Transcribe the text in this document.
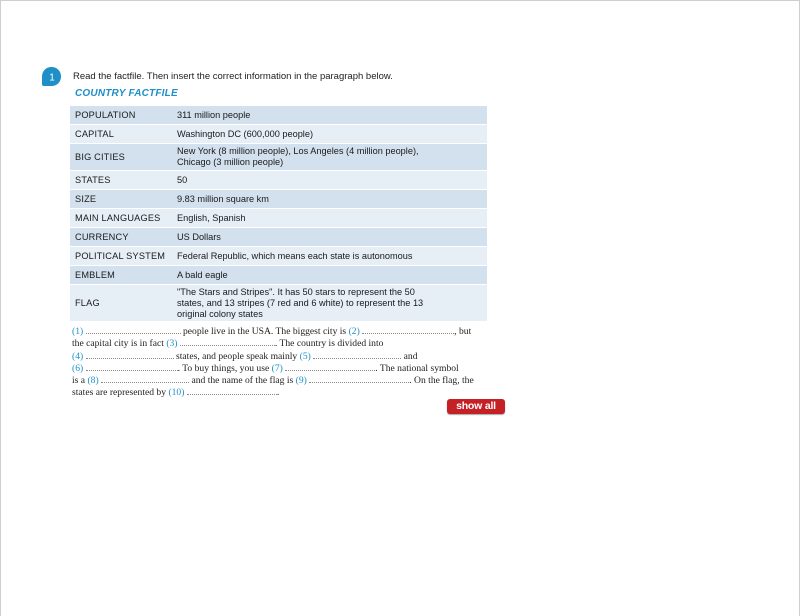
1 Read the factfile. Then insert the correct information in the paragraph below.
COUNTRY FACTFILE
POPULATION	311 million people
CAPITAL	Washington DC (600,000 people)
BIG CITIES	New York (8 million people), Los Angeles (4 million people),
Chicago (3 million people)

STATES	50
SIZE	9.83 million square km
MAIN LANGUAGES	English, Spanish
CURRENCY	US Dollars
POLITICAL SYSTEM	Federal Republic, which means each state is autonomous
EMBLEM	A bald eagle
FLAG	"The Stars and Stripes". It has 50 stars to represent the 50
states, and 13 stripes (7 red and 6 white) to represent the 13
original colony states
(1)	people live in the USA. The biggest city is (2)	, but
the capital city is in fact (3)	. The country is divided into
(4)	states, and people speak mainly (5)	and
(6)	. To buy things, you use (7)	. The national symbol
is a (8)	and the name of the flag is (9)	. On the flag, the
states are represented by (10)	.
show all
